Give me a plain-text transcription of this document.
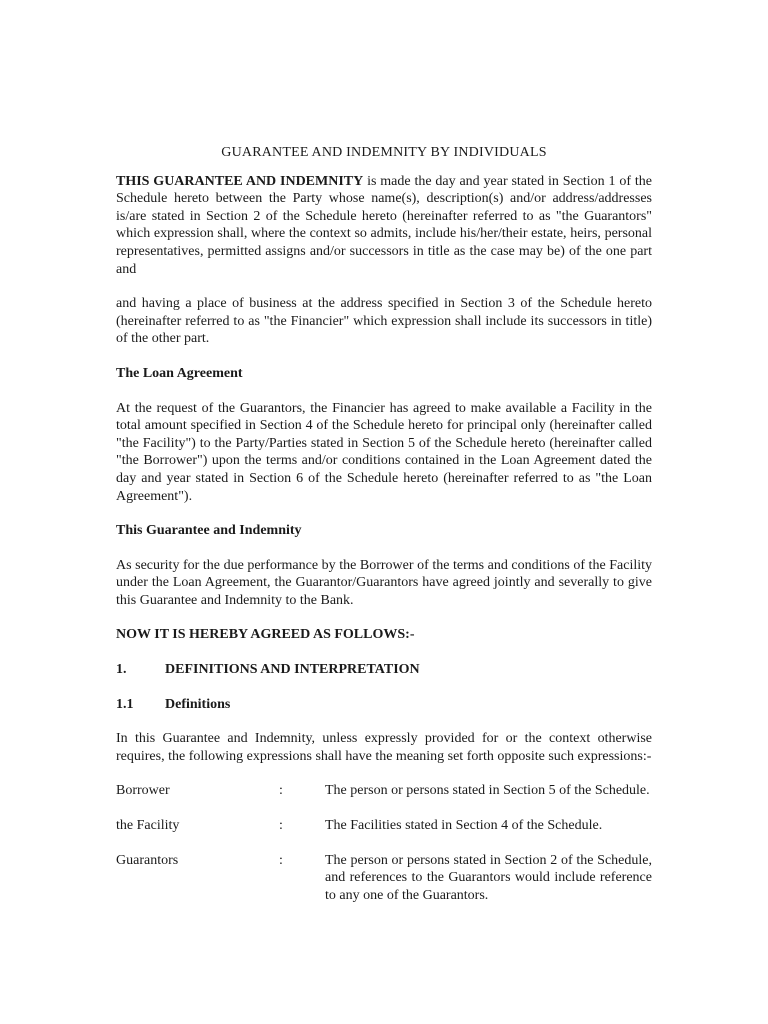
GUARANTEE AND INDEMNITY BY INDIVIDUALS

THIS GUARANTEE AND INDEMNITY is made the day and year stated in Section 1 of the Schedule hereto between the Party whose name(s), description(s) and/or address/addresses is/are stated in Section 2 of the Schedule hereto (hereinafter referred to as "the Guarantors" which expression shall, where the context so admits, include his/her/their estate, heirs, personal representatives, permitted assigns and/or successors in title as the case may be) of the one part and

and having a place of business at the address specified in Section 3 of the Schedule hereto (hereinafter referred to as "the Financier" which expression shall include its successors in title) of the other part.

The Loan Agreement

At the request of the Guarantors, the Financier has agreed to make available a Facility in the total amount specified in Section 4 of the Schedule hereto for principal only (hereinafter called "the Facility") to the Party/Parties stated in Section 5 of the Schedule hereto (hereinafter called "the Borrower") upon the terms and/or conditions contained in the Loan Agreement dated the day and year stated in Section 6 of the Schedule hereto (hereinafter referred to as "the Loan Agreement").

This Guarantee and Indemnity

As security for the due performance by the Borrower of the terms and conditions of the Facility under the Loan Agreement, the Guarantor/Guarantors have agreed jointly and severally to give this Guarantee and Indemnity to the Bank.

NOW IT IS HEREBY AGREED AS FOLLOWS:-
1.	DEFINITIONS AND INTERPRETATION
1.1	Definitions

In this Guarantee and Indemnity, unless expressly provided for or the context otherwise requires, the following expressions shall have the meaning set forth opposite such expressions:-

Borrower	:	The person or persons stated in Section 5 of the Schedule.
the Facility	:	The Facilities stated in Section 4 of the Schedule.
Guarantors	:	The person or persons stated in Section 2 of the Schedule, and references to the Guarantors would include reference to any one of the Guarantors.
